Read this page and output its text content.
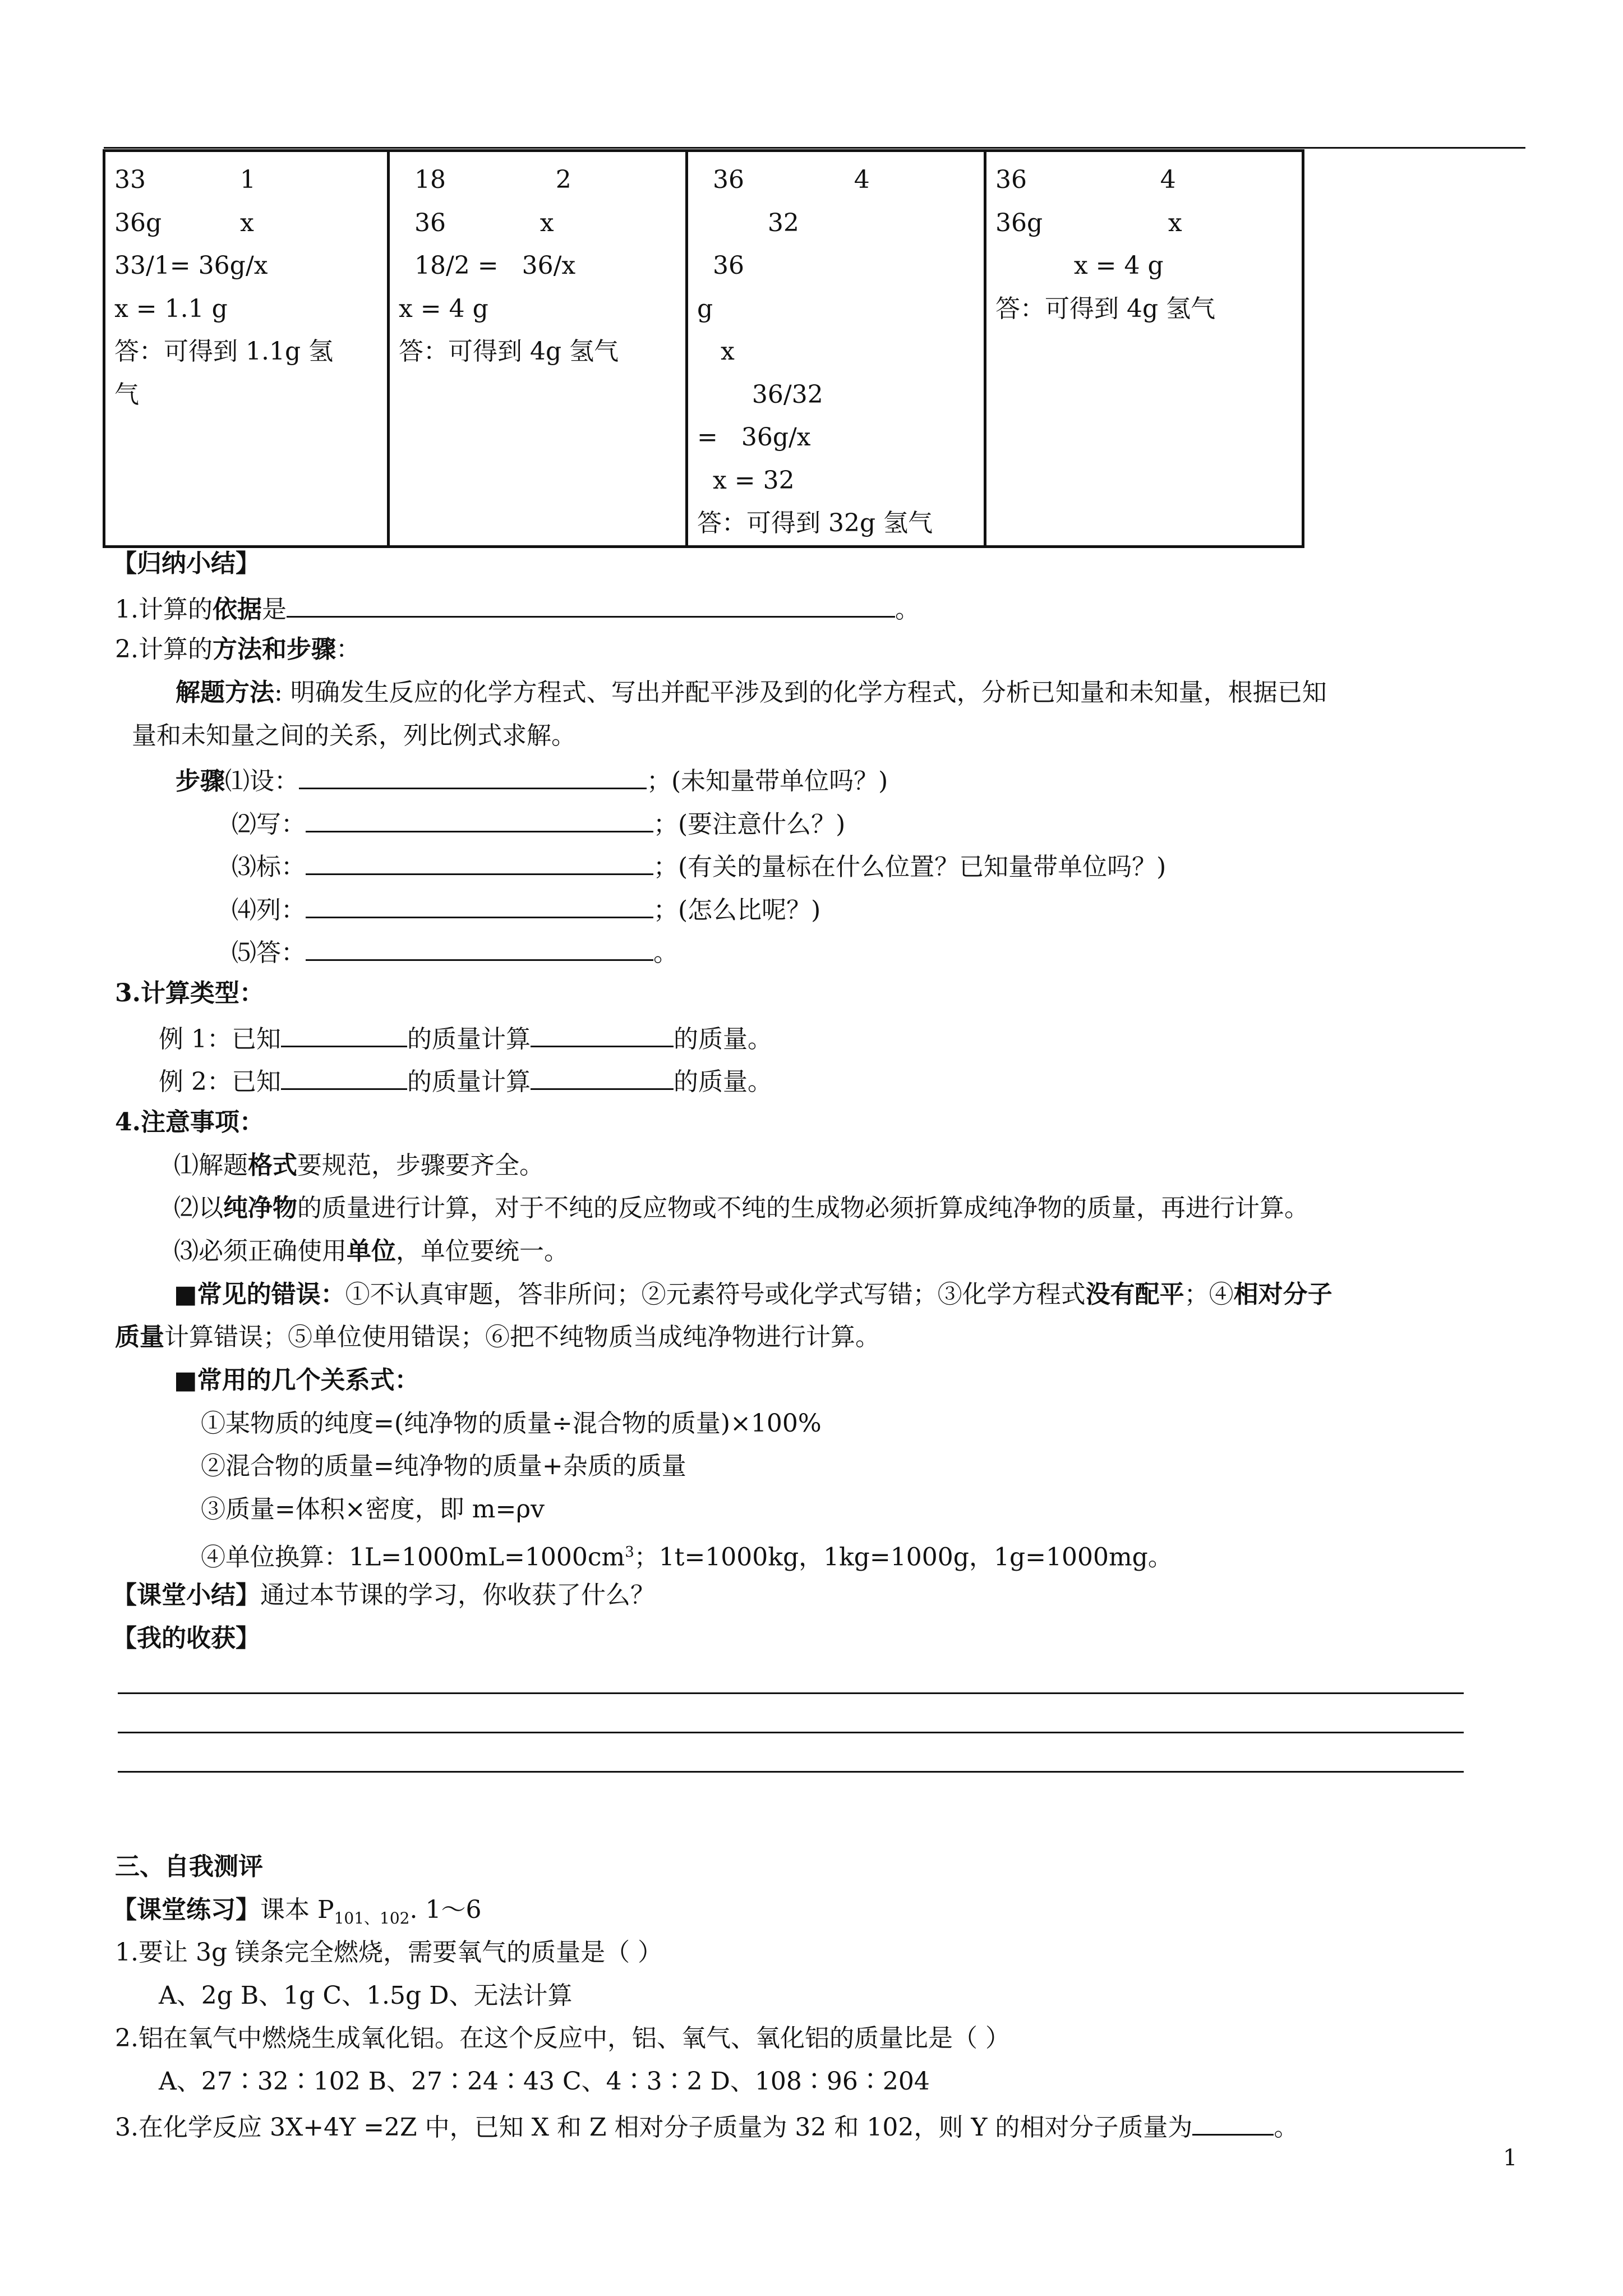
33            1
36g          x
33/1= 36g/x
x = 1.1 g
答：可得到 1.1g 氢
气

18              2
36            x
18/2 =   36/x
x = 4 g
答：可得到 4g 氢气

36              4
32
36
g
x
36/32
=   36g/x
x = 32
答：可得到 32g 氢气

36                 4
36g                x
x = 4 g
答：可得到 4g 氢气
【归纳小结】
1.计算的依据是	。
2.计算的方法和步骤：
解题方法: 明确发生反应的化学方程式、写出并配平涉及到的化学方程式，分析已知量和未知量，根据已知
量和未知量之间的关系，列比例式求解。
步骤⑴设：	；(未知量带单位吗？)
⑵写：	；(要注意什么？)
⑶标：	；(有关的量标在什么位置？已知量带单位吗？)
⑷列：	；(怎么比呢？)
⑸答：	。
3.计算类型：
例 1：已知	的质量计算	的质量。
例 2：已知	的质量计算	的质量。
4.注意事项：
⑴解题格式要规范，步骤要齐全。
⑵以纯净物的质量进行计算，对于不纯的反应物或不纯的生成物必须折算成纯净物的质量，再进行计算。
⑶必须正确使用单位，单位要统一。
■常见的错误：①不认真审题，答非所问；②元素符号或化学式写错；③化学方程式没有配平；④相对分子
质量计算错误；⑤单位使用错误；⑥把不纯物质当成纯净物进行计算。
■常用的几个关系式：
①某物质的纯度=(纯净物的质量÷混合物的质量)×100%
②混合物的质量=纯净物的质量+杂质的质量
③质量=体积×密度，即 m=ρv
④单位换算：$1L=1000mL=1000cm^3$；1t=1000kg，1kg=1000g，1g=1000mg。
【课堂小结】通过本节课的学习，你收获了什么？
【我的收获】
三、自我测评
【课堂练习】课本 $P_{101、102}$. 1～6
1.要让 3g 镁条完全燃烧，需要氧气的质量是（ ）
A、2g B、1g C、1.5g D、无法计算
2.铝在氧气中燃烧生成氧化铝。在这个反应中，铝、氧气、氧化铝的质量比是（ ）
A、27∶32∶102 B、27∶24∶43 C、4∶3∶2 D、108∶96∶204
3.在化学反应 3X+4Y =2Z 中，已知 X 和 Z 相对分子质量为 32 和 102，则 Y 的相对分子质量为	。
1
